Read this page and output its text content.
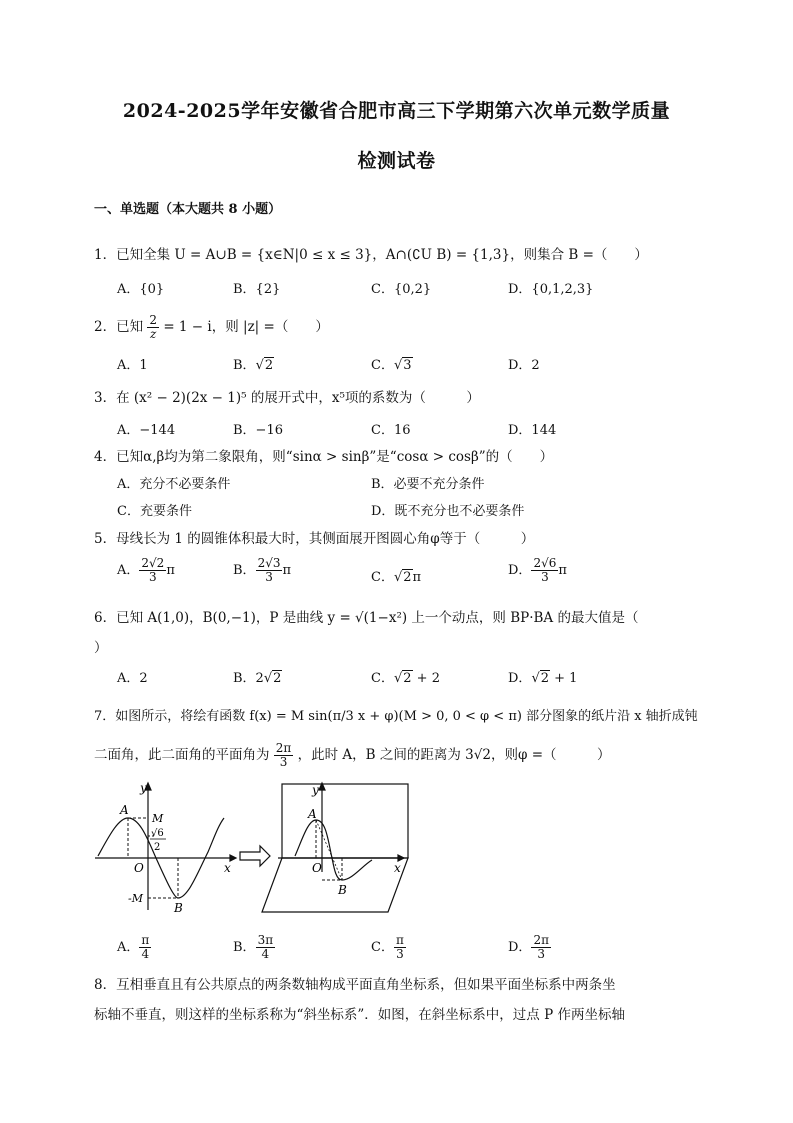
2024-2025学年安徽省合肥市高三下学期第六次单元数学质量
检测试卷
一、单选题（本大题共 8 小题）
1．已知全集 U = A∪B = {x∈N|0 ≤ x ≤ 3}，A∩(∁U B) = {1,3}，则集合 B =（　　）
A．{0}	B．{2}	C．{0,2}	D．{0,1,2,3}
2．已知 $\frac{2}{z} = 1 - i$，则 |z| =（　　）
A．1	B．√2	C．√3	D．2
3．在 (x² − 2)(2x − 1)⁵ 的展开式中，x⁵项的系数为（　　　）
A．−144	B．−16	C．16	D．144
4．已知α,β均为第二象限角，则“sinα > sinβ”是“cosα > cosβ”的（　　）
A．充分不必要条件	B．必要不充分条件
C．充要条件	D．既不充分也不必要条件
5．母线长为 1 的圆锥体积最大时，其侧面展开图圆心角φ等于（　　　）
A． $\frac{2√2}{3}$ π	B． $\frac{2√3}{3}$ π	C．√2π	D． $\frac{2√6}{3}$ π
6．已知 A(1,0)，B(0,−1)，P 是曲线 y = √(1−x²) 上一个动点，则 BP·BA 的最大值是（
）
A．2	B．2√2	C．√2 + 2	D．√2 + 1
7．如图所示，将绘有函数 f(x) = M sin(π/3 x + φ)(M > 0, 0 < φ < π) 部分图象的纸片沿 x 轴折成钝
二面角，此二面角的平面角为 $\frac{2\pi}{3}$ ，此时 A，B 之间的距离为 3√2，则φ =（　　　）
y
x
O
A
B
M
-M
√6
2
y
x
O
A
B
A． $\frac{\pi}{4}$	B． $\frac{3\pi}{4}$	C． $\frac{\pi}{3}$	D． $\frac{2\pi}{3}$
8．互相垂直且有公共原点的两条数轴构成平面直角坐标系，但如果平面坐标系中两条坐
标轴不垂直，则这样的坐标系称为“斜坐标系”．如图，在斜坐标系中，过点 P 作两坐标轴
